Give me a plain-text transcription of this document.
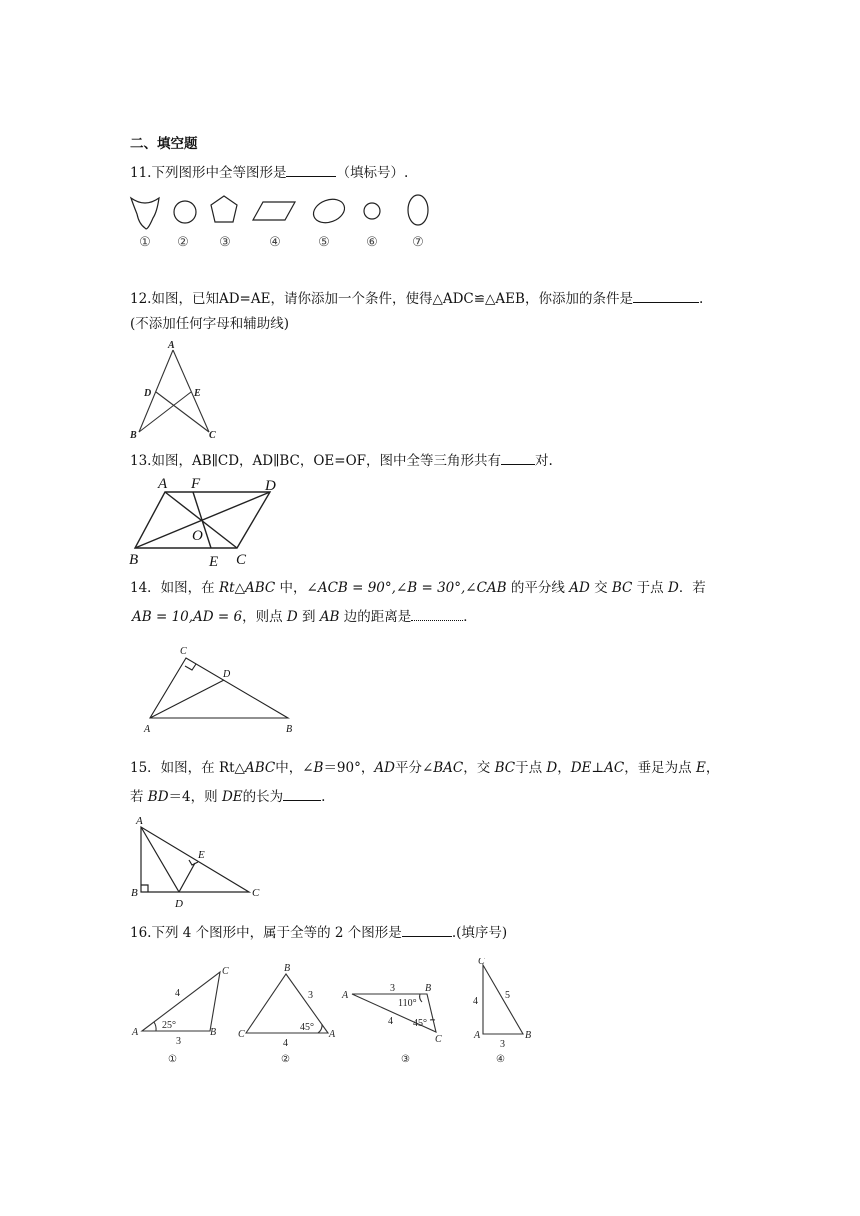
二、填空题
11.下列图形中全等图形是	（填标号）.
① ② ③	④	⑤	⑥	⑦
12.如图，已知AD=AE，请你添加一个条件，使得△ADC≌△AEB，你添加的条件是	.
(不添加任何字母和辅助线)
A
D	E
B	C
13.如图，AB∥CD，AD∥BC，OE=OF，图中全等三角形共有	对.
A F	D
O
B	E C
14．如图，在 Rt△ABC 中，∠ACB = 90°,∠B = 30°,∠CAB 的平分线 AD 交 BC 于点 D．若
AB = 10,AD = 6，则点 D 到 AB 边的距离是	．
C
D
A	B
15．如图，在 Rt△ABC中，∠B＝90°，AD平分∠BAC，交 BC于点 D，DE⊥AC，垂足为点 E，
若 BD＝4，则 DE的长为	.
A
E
B
D
C
16.下列 4 个图形中，属于全等的 2 个图形是	.(填序号)
C
A	B
4
3
25°
①
B
C	A
3
4
45°
②
A
B
C
3
4
110°
45°
③
C
A	B
4
5
3
④
